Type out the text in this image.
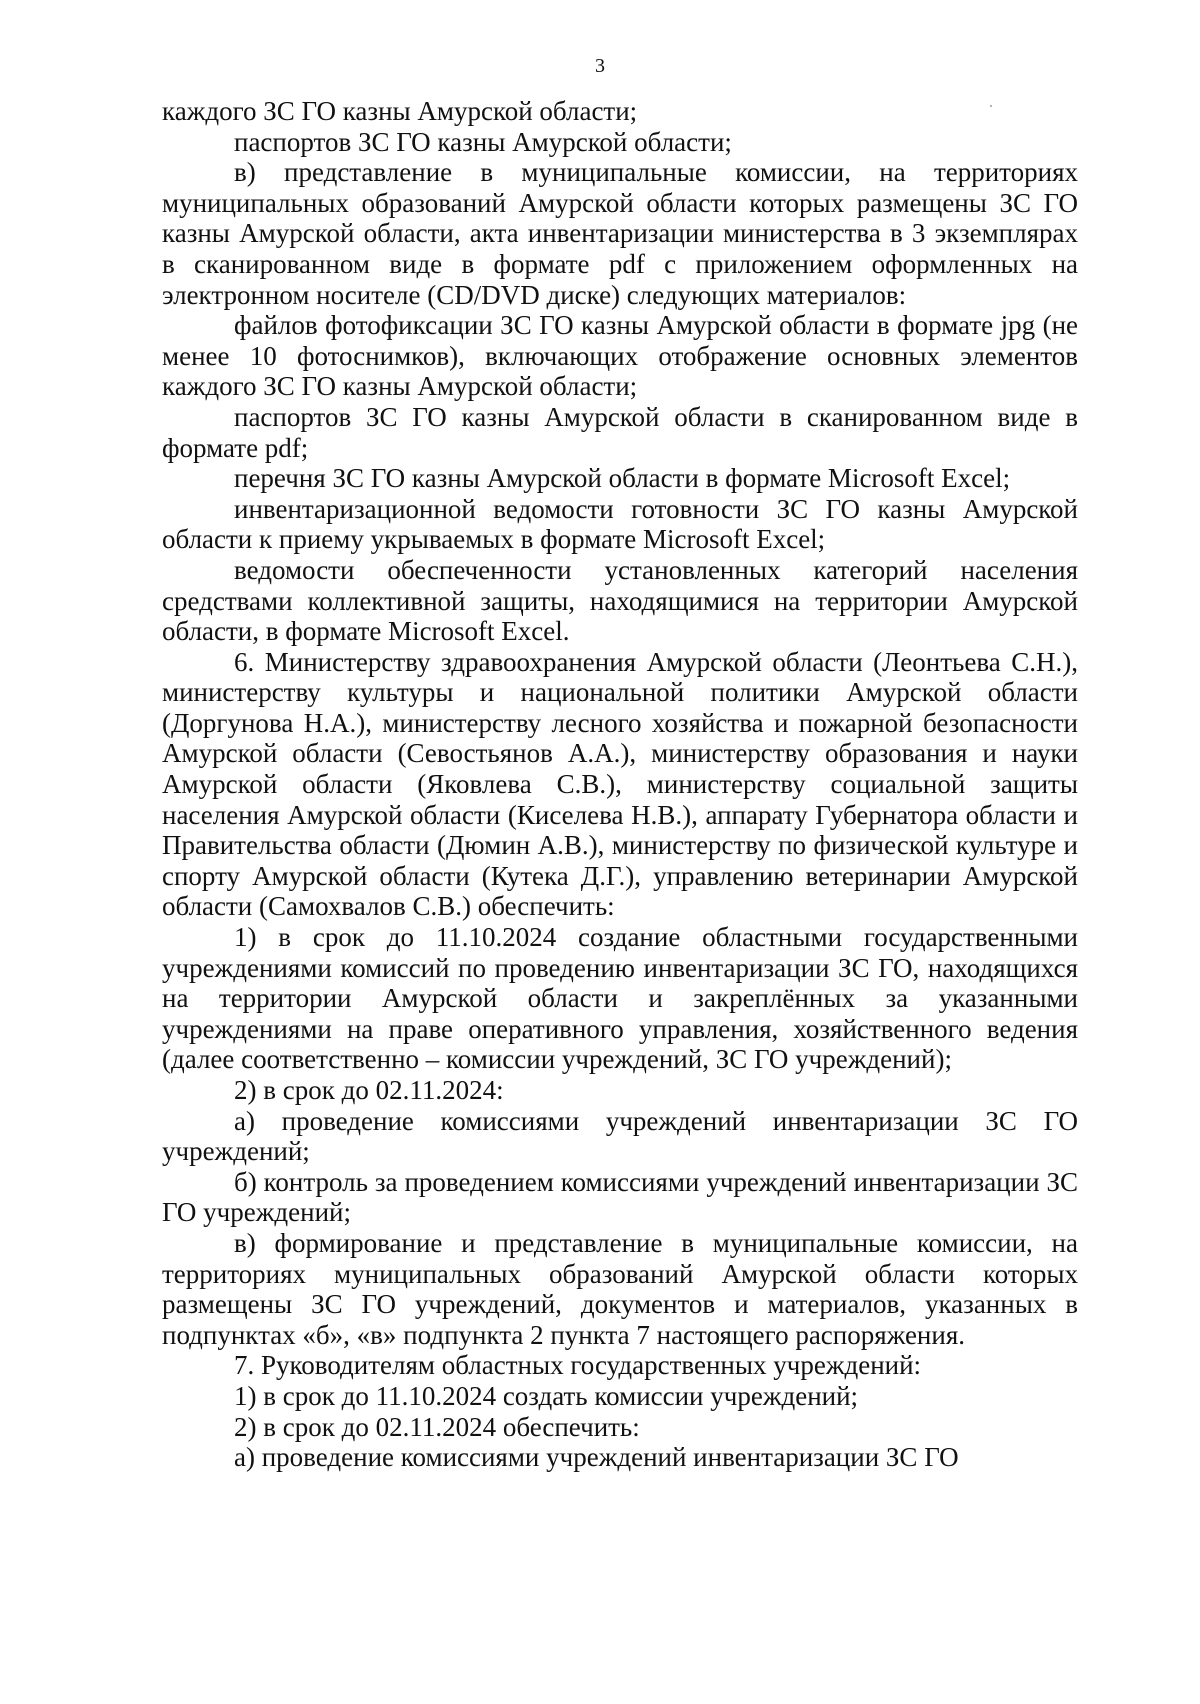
3

каждого ЗС ГО казны Амурской области;

паспортов ЗС ГО казны Амурской области;

в) представление в муниципальные комиссии, на территориях муниципальных образований Амурской области которых размещены ЗС ГО казны Амурской области, акта инвентаризации министерства в 3 экземплярах в сканированном виде в формате pdf с приложением оформленных на электронном носителе (CD/DVD диске) следующих материалов:

файлов фотофиксации ЗС ГО казны Амурской области в формате jpg (не менее 10 фотоснимков), включающих отображение основных элементов каждого ЗС ГО казны Амурской области;

паспортов ЗС ГО казны Амурской области в сканированном виде в формате pdf;

перечня ЗС ГО казны Амурской области в формате Microsoft Excel;

инвентаризационной ведомости готовности ЗС ГО казны Амурской области к приему укрываемых в формате Microsoft Excel;

ведомости обеспеченности установленных категорий населения средствами коллективной защиты, находящимися на территории Амурской области, в формате Microsoft Excel.

6. Министерству здравоохранения Амурской области (Леонтьева С.Н.), министерству культуры и национальной политики Амурской области (Доргунова Н.А.), министерству лесного хозяйства и пожарной безопасности Амурской области (Севостьянов А.А.), министерству образования и науки Амурской области (Яковлева С.В.), министерству социальной защиты населения Амурской области (Киселева Н.В.), аппарату Губернатора области и Правительства области (Дюмин А.В.), министерству по физической культуре и спорту Амурской области (Кутека Д.Г.), управлению ветеринарии Амурской области (Самохвалов С.В.) обеспечить:

1) в срок до 11.10.2024 создание областными государственными учреждениями комиссий по проведению инвентаризации ЗС ГО, находящихся на территории Амурской области и закреплённых за указанными учреждениями на праве оперативного управления, хозяйственного ведения (далее соответственно – комиссии учреждений, ЗС ГО учреждений);

2) в срок до 02.11.2024:

а) проведение комиссиями учреждений инвентаризации ЗС ГО учреждений;

б) контроль за проведением комиссиями учреждений инвентаризации ЗС ГО учреждений;

в) формирование и представление в муниципальные комиссии, на территориях муниципальных образований Амурской области которых размещены ЗС ГО учреждений, документов и материалов, указанных в подпунктах «б», «в» подпункта 2 пункта 7 настоящего распоряжения.

7. Руководителям областных государственных учреждений:

1) в срок до 11.10.2024 создать комиссии учреждений;

2) в срок до 02.11.2024 обеспечить:

а) проведение комиссиями учреждений инвентаризации ЗС ГО
